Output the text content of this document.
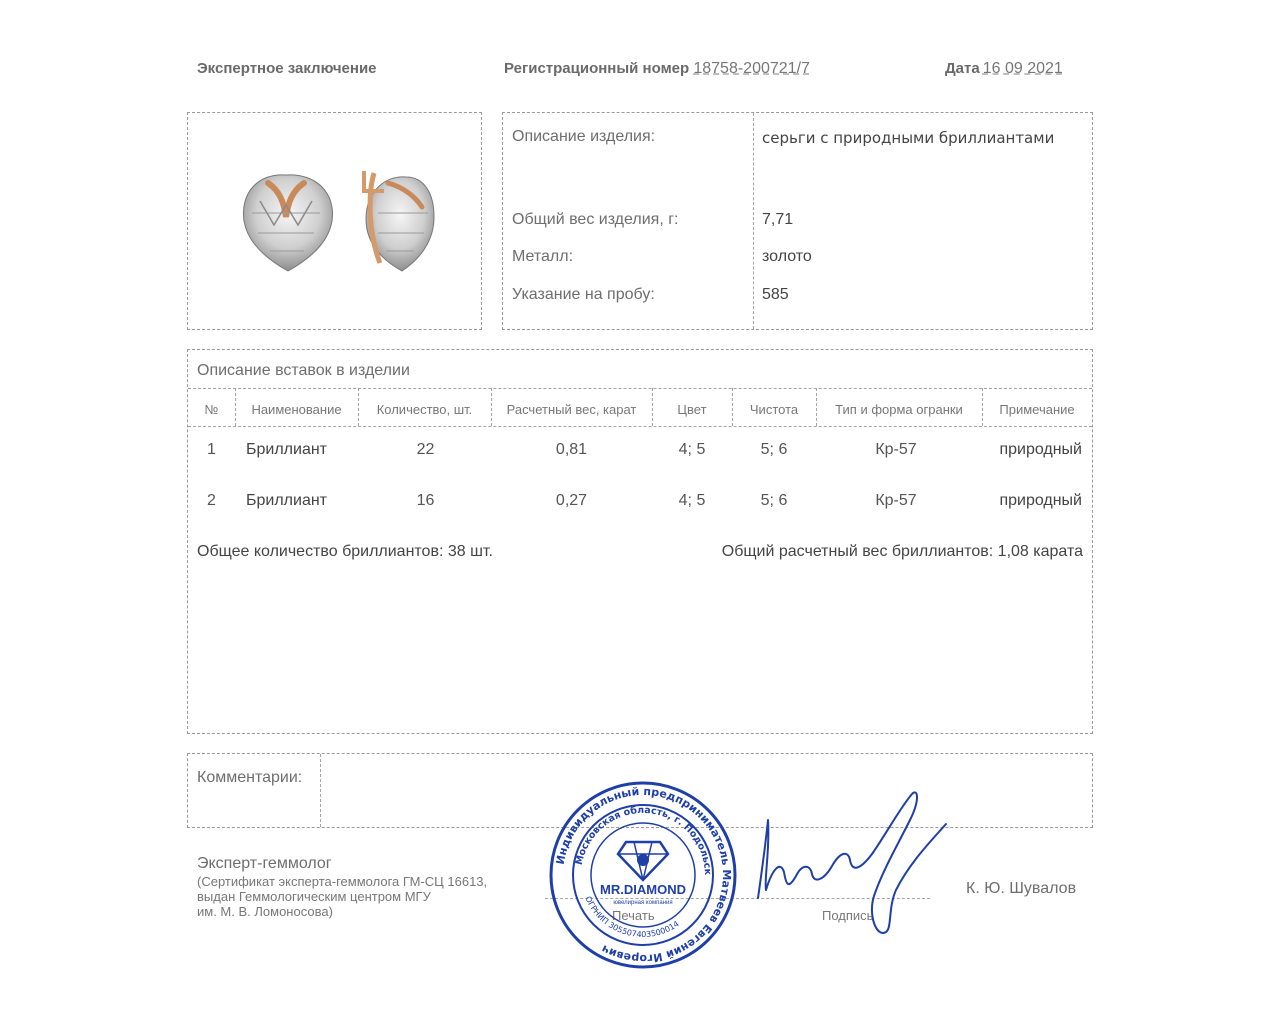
Экспертное заключение	Регистрационный номер 18758-200721/7	Дата 16 09 2021
Описание изделия:	серьги с природными бриллиантами
Общий вес изделия, г:	7,71
Металл:	золото
Указание на пробу:	585
Описание вставок в изделии
№	Наименование	Количество, шт.	Расчетный вес, карат	Цвет	Чистота	Тип и форма огранки	Примечание
1	Бриллиант	22	0,81	4; 5	5; 6	Кр-57	природный
2	Бриллиант	16	0,27	4; 5	5; 6	Кр-57	природный
Общее количество бриллиантов: 38 шт.	Общий расчетный вес бриллиантов: 1,08 карата
Комментарии:
Эксперт-геммолог
(Сертификат эксперта-геммолога ГМ-СЦ 16613,
выдан Геммологическим центром МГУ
им. М. В. Ломоносова)	Печать	Подпись
К. Ю. Шувалов
Индивидуальный предприниматель Матвеев Евгений Игоревич
Московская область, г. Подольск
ОГРНИП 305507403500014
MR.DIAMOND
ювелирная компания
